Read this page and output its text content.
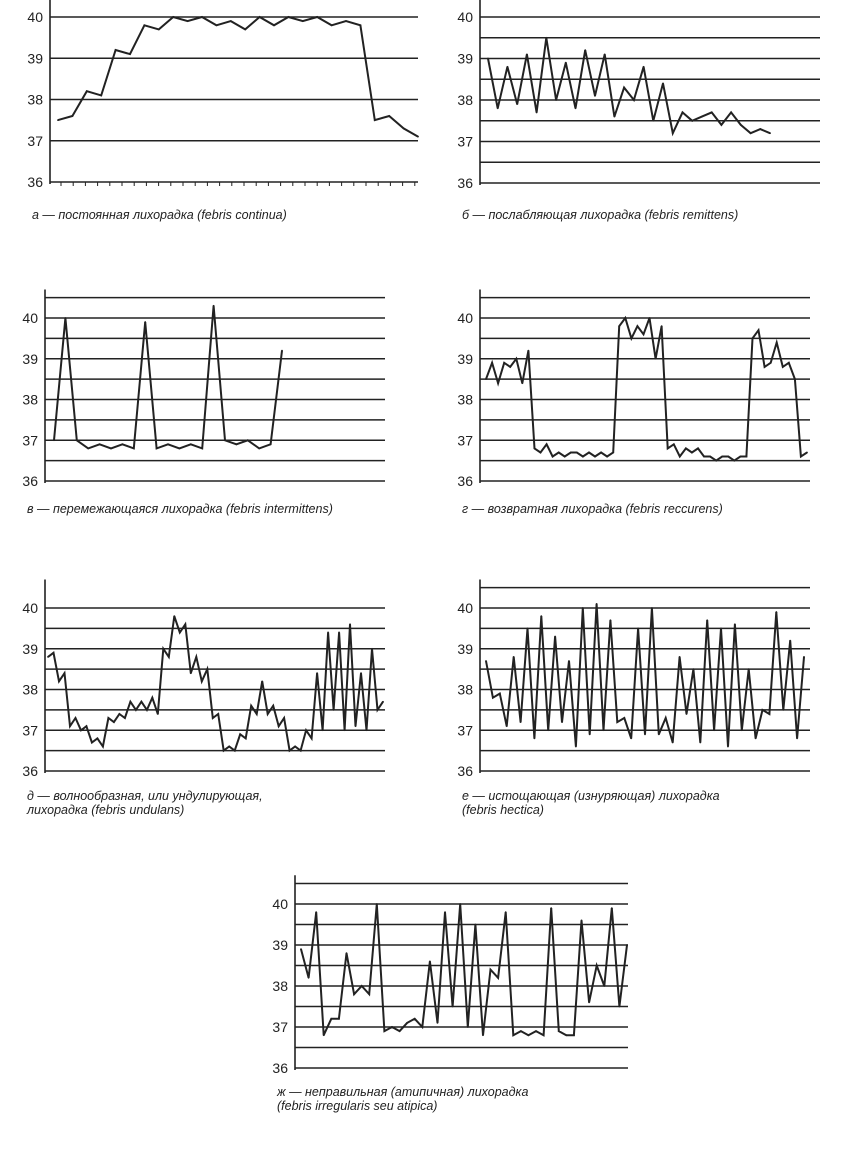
36
37
38
39
40
а — постоянная лихорадка (febris continua)
36
37
38
39
40
б — послабляющая лихорадка (febris remittens)
36
37
38
39
40
в — перемежающаяся лихорадка (febris intermittens)
36
37
38
39
40
г — возвратная лихорадка (febris reccurens)
36
37
38
39
40
д — волнообразная, или ундулирующая,
лихорадка (febris undulans)
36
37
38
39
40
е — истощающая (изнуряющая) лихорадка
(febris hectica)
36
37
38
39
40
ж — неправильная (атипичная) лихорадка
(febris irregularis seu atipica)
